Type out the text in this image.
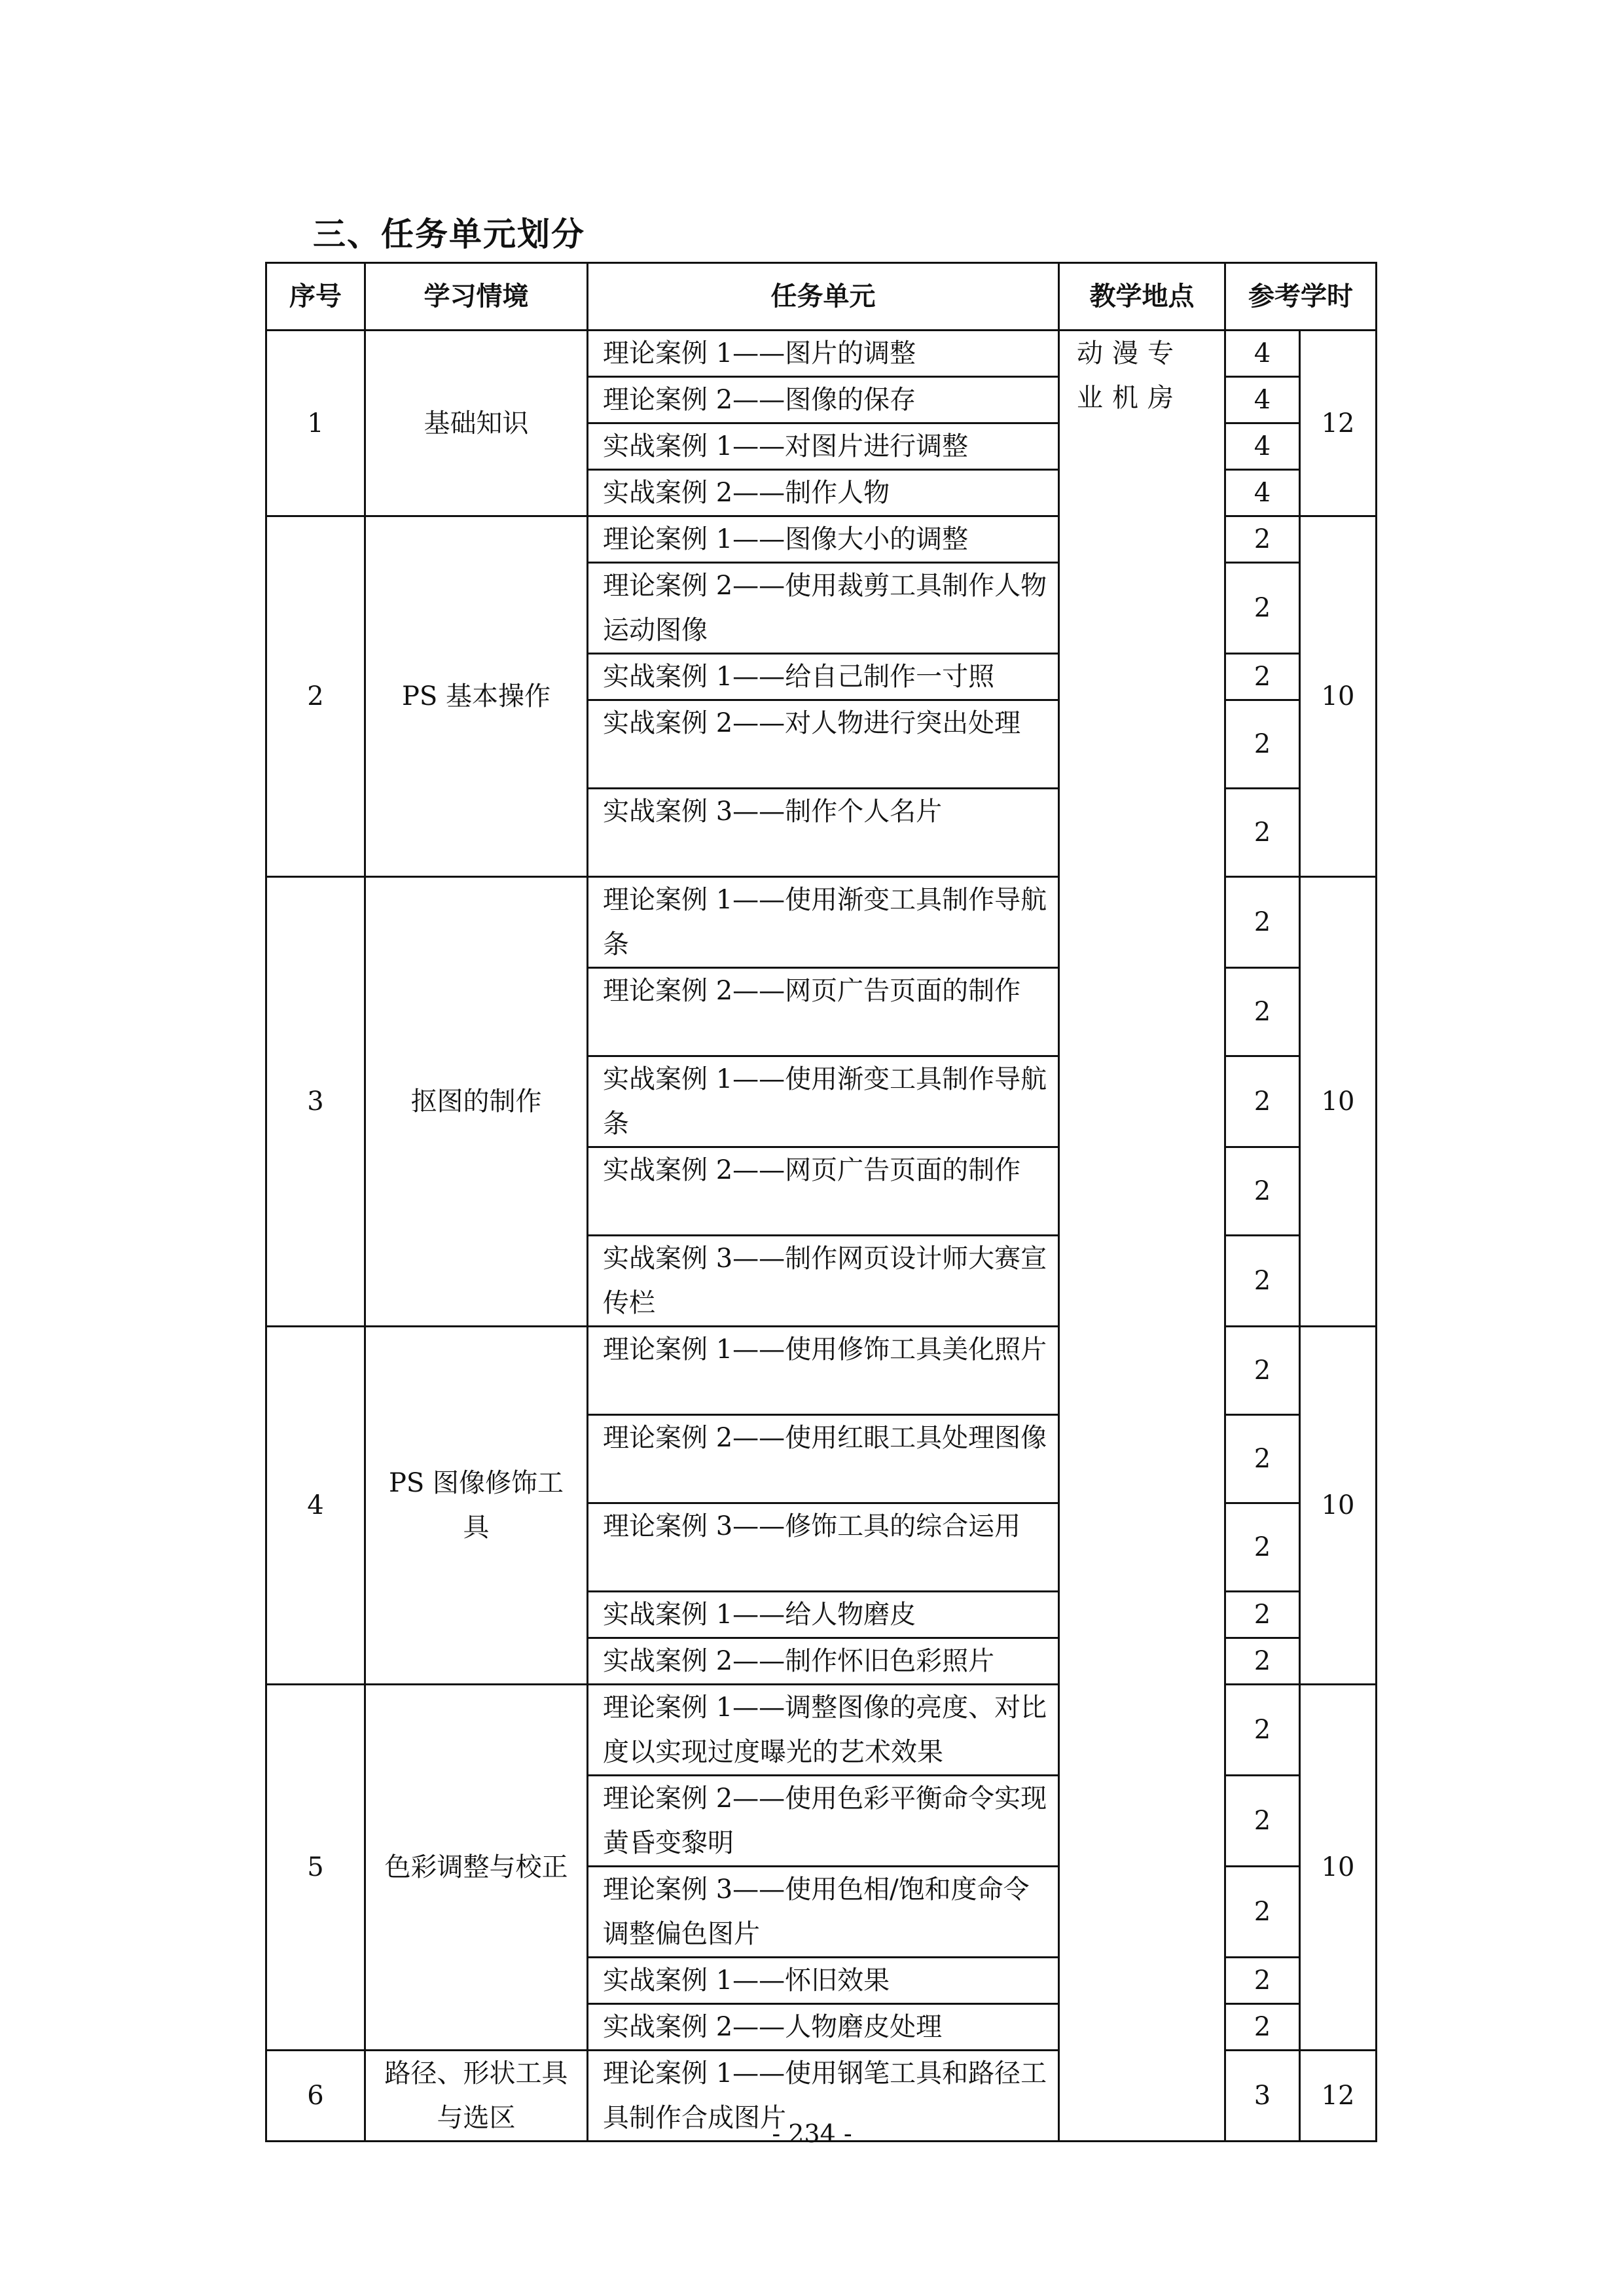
三、任务单元划分
序号	学习情境	任务单元	教学地点	参考学时	
1	基础知识	理论案例 1——图片的调整	动漫专业机房	4	12
		理论案例 2——图像的保存		4	
		实战案例 1——对图片进行调整		4	
		实战案例 2——制作人物		4	
2	PS 基本操作	理论案例 1——图像大小的调整		2	10
		理论案例 2——使用裁剪工具制作人物运动图像		2	
		实战案例 1——给自己制作一寸照		2	
		实战案例 2——对人物进行突出处理		2	
		实战案例 3——制作个人名片		2	
3	抠图的制作	理论案例 1——使用渐变工具制作导航条		2	10
		理论案例 2——网页广告页面的制作		2	
		实战案例 1——使用渐变工具制作导航条		2	
		实战案例 2——网页广告页面的制作		2	
		实战案例 3——制作网页设计师大赛宣传栏		2	
4	PS 图像修饰工具	理论案例 1——使用修饰工具美化照片		2	10
		理论案例 2——使用红眼工具处理图像		2	
		理论案例 3——修饰工具的综合运用		2	
		实战案例 1——给人物磨皮		2	
		实战案例 2——制作怀旧色彩照片		2	
5	色彩调整与校正	理论案例 1——调整图像的亮度、对比度以实现过度曝光的艺术效果		2	10
		理论案例 2——使用色彩平衡命令实现黄昏变黎明		2	
		理论案例 3——使用色相/饱和度命令调整偏色图片		2	
		实战案例 1——怀旧效果		2	
		实战案例 2——人物磨皮处理		2	
6	路径、形状工具与选区	理论案例 1——使用钢笔工具和路径工具制作合成图片		3	12
- 234 -
